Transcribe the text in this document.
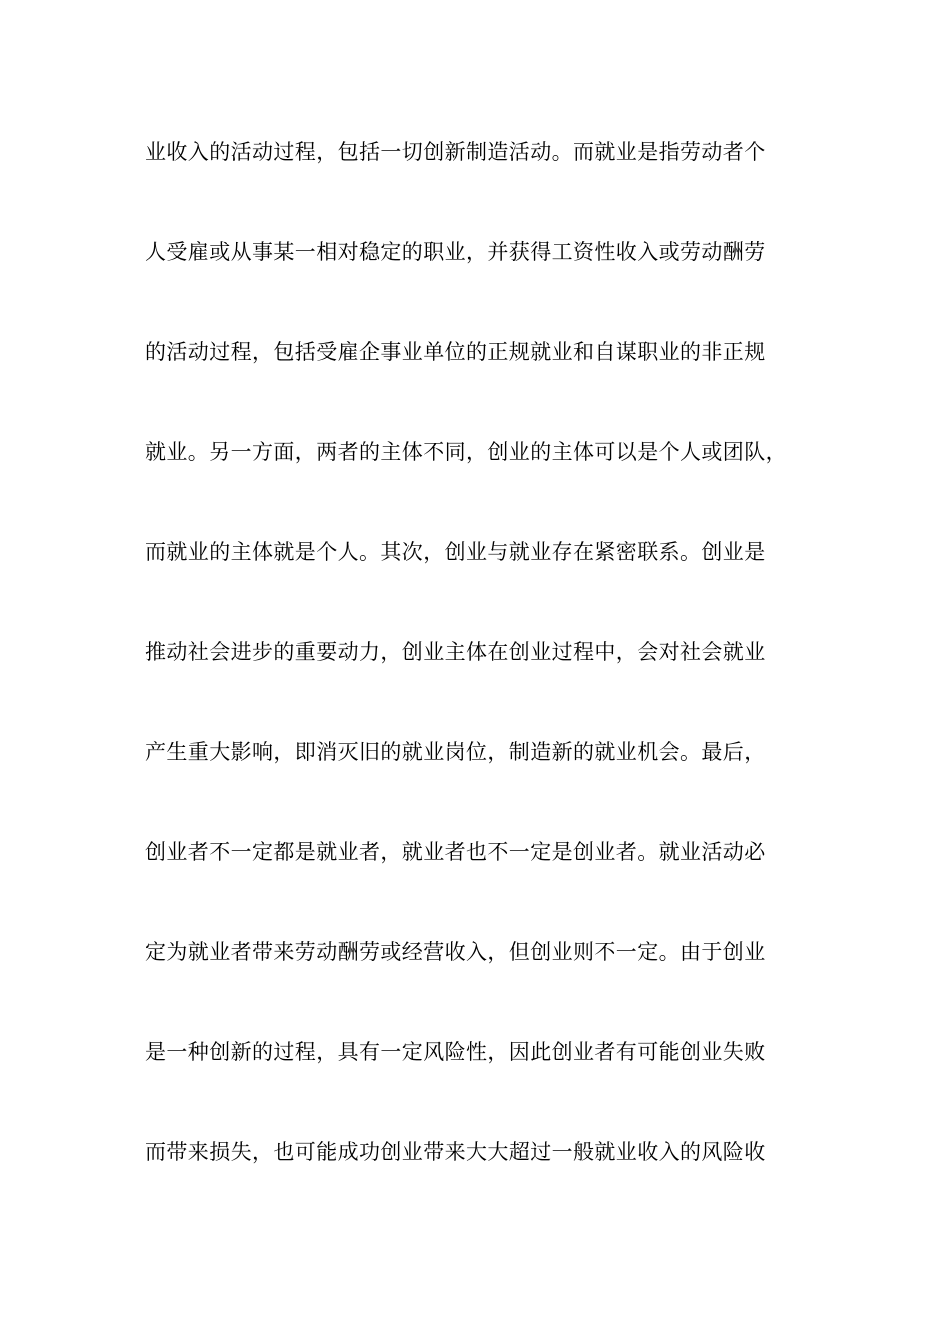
业收入的活动过程，包括一切创新制造活动。而就业是指劳动者个
人受雇或从事某一相对稳定的职业，并获得工资性收入或劳动酬劳
的活动过程，包括受雇企事业单位的正规就业和自谋职业的非正规
就业。另一方面，两者的主体不同，创业的主体可以是个人或团队，
而就业的主体就是个人。其次，创业与就业存在紧密联系。创业是
推动社会进步的重要动力，创业主体在创业过程中，会对社会就业
产生重大影响，即消灭旧的就业岗位，制造新的就业机会。最后，
创业者不一定都是就业者，就业者也不一定是创业者。就业活动必
定为就业者带来劳动酬劳或经营收入，但创业则不一定。由于创业
是一种创新的过程，具有一定风险性，因此创业者有可能创业失败
而带来损失，也可能成功创业带来大大超过一般就业收入的风险收
